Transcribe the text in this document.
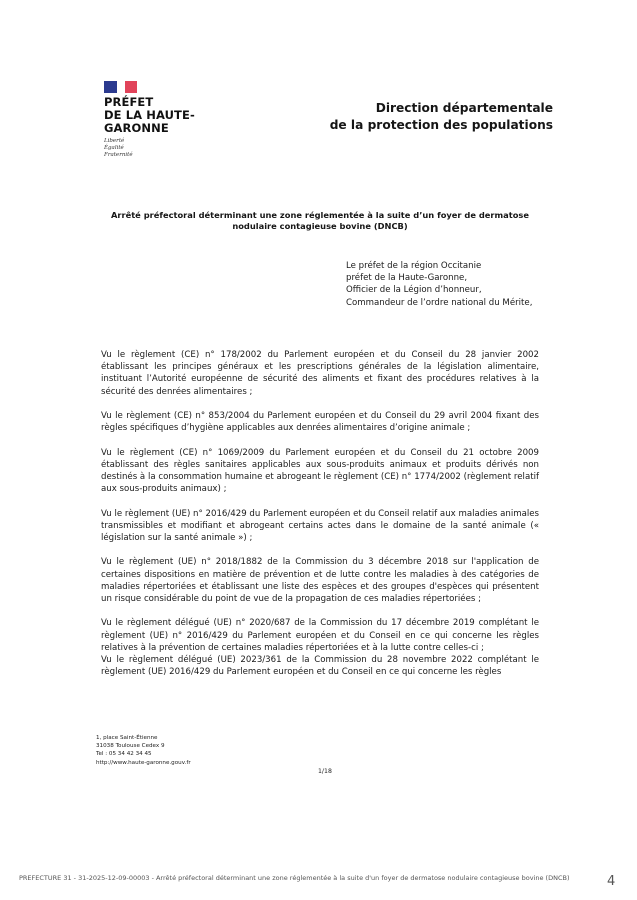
PRÉFET
DE LA HAUTE-
GARONNE
Liberté
Égalité
Fraternité
Direction départementale
de la protection des populations
Arrêté préfectoral déterminant une zone réglementée à la suite d’un foyer de dermatose nodulaire contagieuse bovine (DNCB)
Le préfet de la région Occitanie
préfet de la Haute-Garonne,
Officier de la Légion d’honneur,
Commandeur de l’ordre national du Mérite,

Vu le règlement (CE) n° 178/2002 du Parlement européen et du Conseil du 28 janvier 2002 établissant les principes généraux et les prescriptions générales de la législation alimentaire, instituant l’Autorité européenne de sécurité des aliments et fixant des procédures relatives à la sécurité des denrées alimentaires ;

Vu le règlement (CE) n° 853/2004 du Parlement européen et du Conseil du 29 avril 2004 fixant des règles spécifiques d’hygiène applicables aux denrées alimentaires d’origine animale ;

Vu le règlement (CE) n° 1069/2009 du Parlement européen et du Conseil du 21 octobre 2009 établissant des règles sanitaires applicables aux sous-produits animaux et produits dérivés non destinés à la consommation humaine et abrogeant le règlement (CE) n° 1774/2002 (règlement relatif aux sous-produits animaux) ;

Vu le règlement (UE) n° 2016/429 du Parlement européen et du Conseil relatif aux maladies animales transmissibles et modifiant et abrogeant certains actes dans le domaine de la santé animale (« législation sur la santé animale ») ;

Vu le règlement (UE) n° 2018/1882 de la Commission du 3 décembre 2018 sur l'application de certaines dispositions en matière de prévention et de lutte contre les maladies à des catégories de maladies répertoriées et établissant une liste des espèces et des groupes d'espèces qui présentent un risque considérable du point de vue de la propagation de ces maladies répertoriées ;

Vu le règlement délégué (UE) n° 2020/687 de la Commission du 17 décembre 2019 complétant le règlement (UE) n° 2016/429 du Parlement européen et du Conseil en ce qui concerne les règles relatives à la prévention de certaines maladies répertoriées et à la lutte contre celles-ci ;

Vu le règlement délégué (UE) 2023/361 de la Commission du 28 novembre 2022 complétant le règlement (UE) 2016/429 du Parlement européen et du Conseil en ce qui concerne les règles

1, place Saint-Étienne
31038 Toulouse Cedex 9
Tel : 05 34 42 34 45
http://www.haute-garonne.gouv.fr
1/18
PREFECTURE 31 - 31-2025-12-09-00003 - Arrêté préfectoral déterminant une zone réglementée à la suite d'un foyer de dermatose nodulaire contagieuse bovine (DNCB)	4
